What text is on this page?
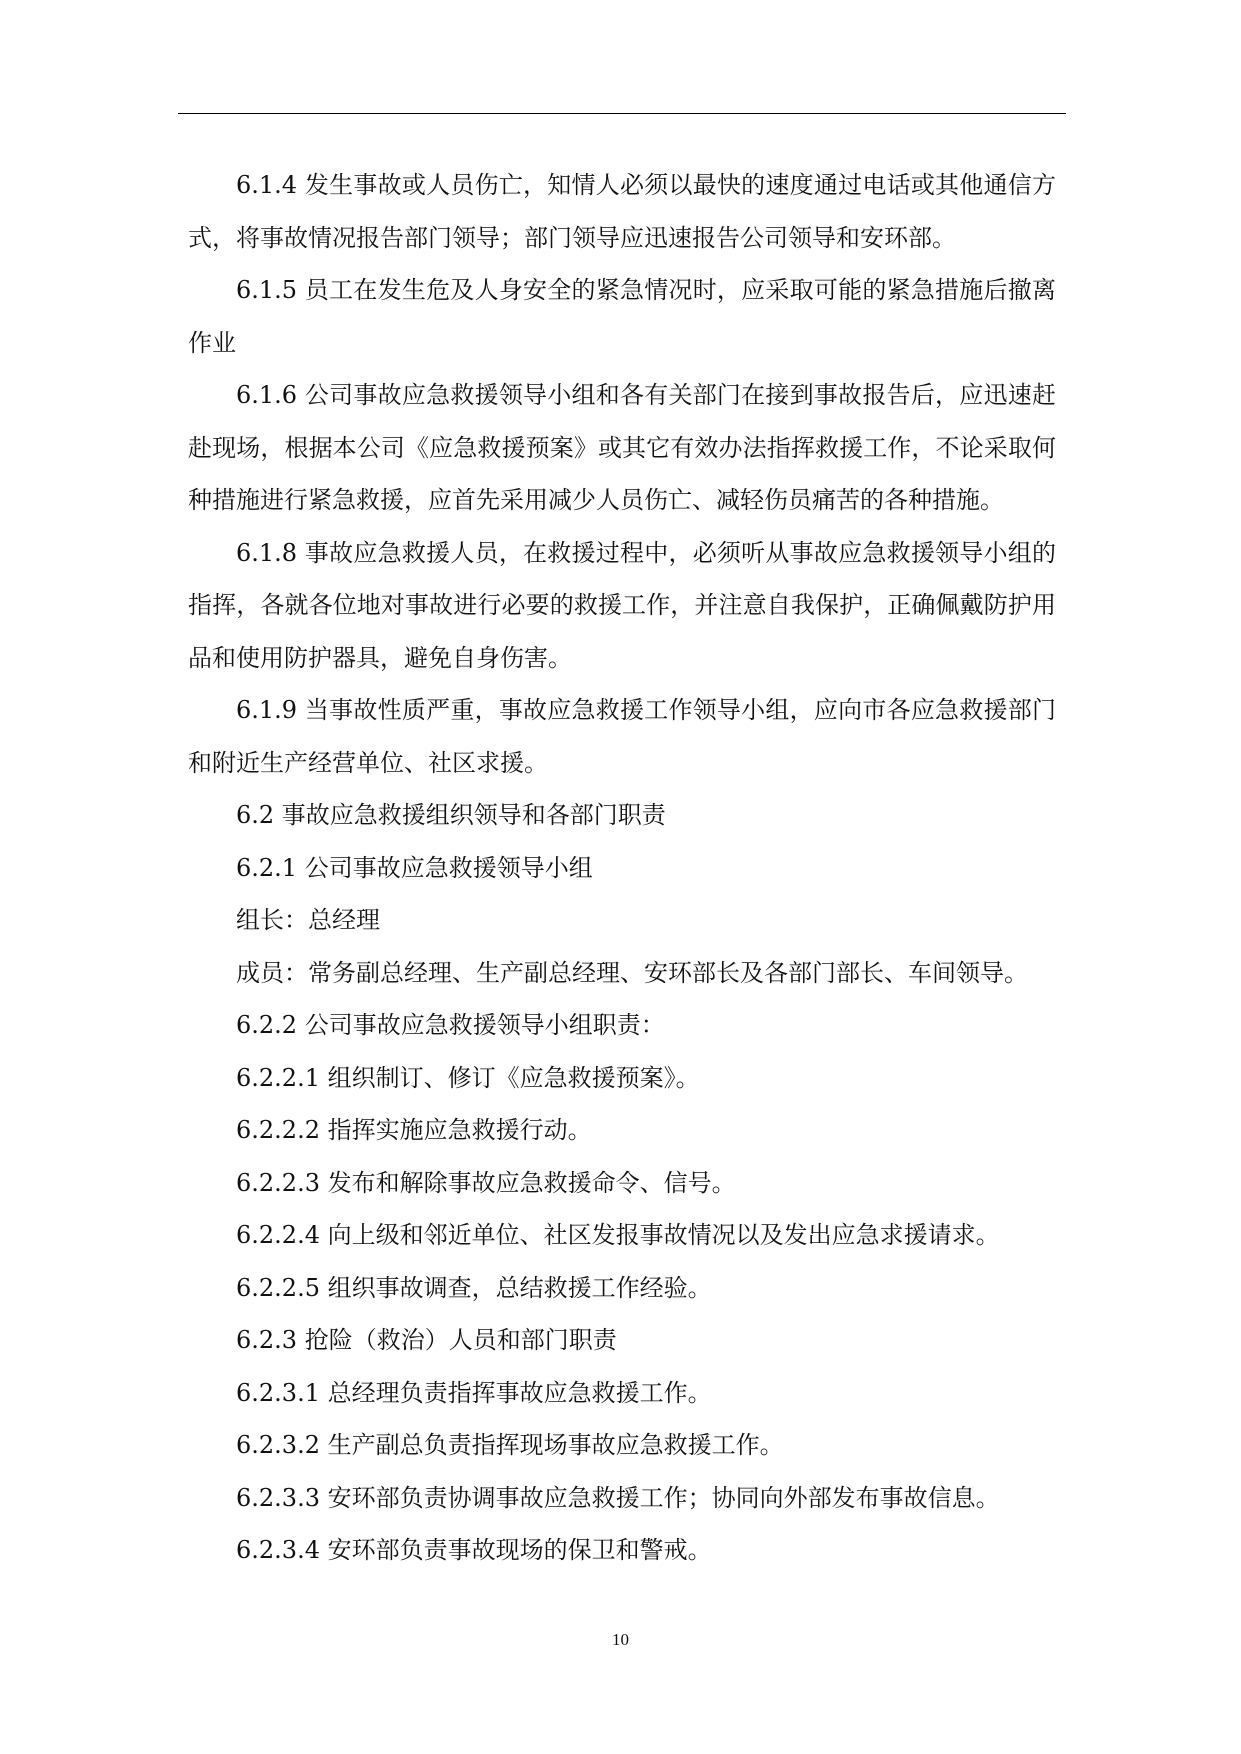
6.1.4 发生事故或人员伤亡，知情人必须以最快的速度通过电话或其他通信方式，将事故情况报告部门领导；部门领导应迅速报告公司领导和安环部。

6.1.5 员工在发生危及人身安全的紧急情况时，应采取可能的紧急措施后撤离作业

6.1.6 公司事故应急救援领导小组和各有关部门在接到事故报告后，应迅速赶赴现场，根据本公司《应急救援预案》或其它有效办法指挥救援工作，不论采取何种措施进行紧急救援，应首先采用减少人员伤亡、减轻伤员痛苦的各种措施。

6.1.8 事故应急救援人员，在救援过程中，必须听从事故应急救援领导小组的指挥，各就各位地对事故进行必要的救援工作，并注意自我保护，正确佩戴防护用品和使用防护器具，避免自身伤害。

6.1.9 当事故性质严重，事故应急救援工作领导小组，应向市各应急救援部门和附近生产经营单位、社区求援。

6.2 事故应急救援组织领导和各部门职责

6.2.1 公司事故应急救援领导小组

组长：总经理

成员：常务副总经理、生产副总经理、安环部长及各部门部长、车间领导。

6.2.2 公司事故应急救援领导小组职责：

6.2.2.1 组织制订、修订《应急救援预案》。

6.2.2.2 指挥实施应急救援行动。

6.2.2.3 发布和解除事故应急救援命令、信号。

6.2.2.4 向上级和邻近单位、社区发报事故情况以及发出应急求援请求。

6.2.2.5 组织事故调查，总结救援工作经验。

6.2.3 抢险（救治）人员和部门职责

6.2.3.1 总经理负责指挥事故应急救援工作。

6.2.3.2 生产副总负责指挥现场事故应急救援工作。

6.2.3.3 安环部负责协调事故应急救援工作；协同向外部发布事故信息。

6.2.3.4 安环部负责事故现场的保卫和警戒。

10
